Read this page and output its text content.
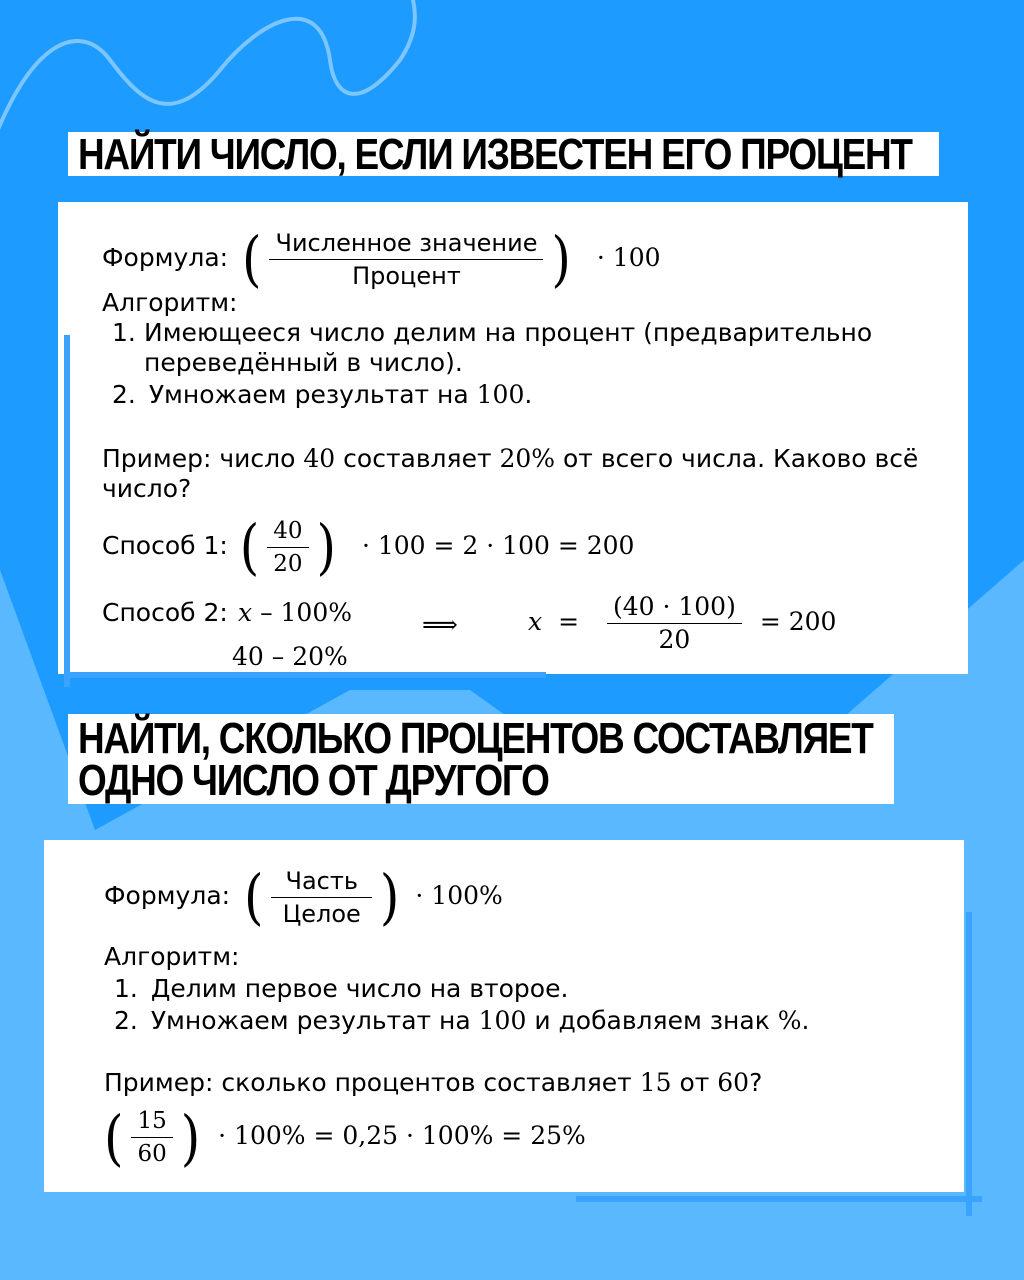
НАЙТИ ЧИСЛО, ЕСЛИ ИЗВЕСТЕН ЕГО ПРОЦЕНТ
Формула: ( $\frac{\text{Численное значение}}{\text{Процент}}$ ) · 100
Алгоритм:
1. Имеющееся число делим на процент (предварительно
переведённый в число).
2. Умножаем результат на 100.
Пример: число 40 составляет 20% от всего числа. Каково всё
число?
Способ 1: ( $\frac{40}{20}$ ) · 100 = 2 · 100 = 200
Способ 2: x – 100%
40 – 20%
⟹	$x = \frac{(40 \cdot 100)}{20} = 200$
НАЙТИ, СКОЛЬКО ПРОЦЕНТОВ СОСТАВЛЯЕТ
ОДНО ЧИСЛО ОТ ДРУГОГО
Формула: ( $\frac{\text{Часть}}{\text{Целое}}$ ) · 100%
Алгоритм:
1. Делим первое число на второе.
2. Умножаем результат на 100 и добавляем знак %.
Пример: сколько процентов составляет 15 от 60?
( $\frac{15}{60}$ ) · 100% = 0,25 · 100% = 25%
